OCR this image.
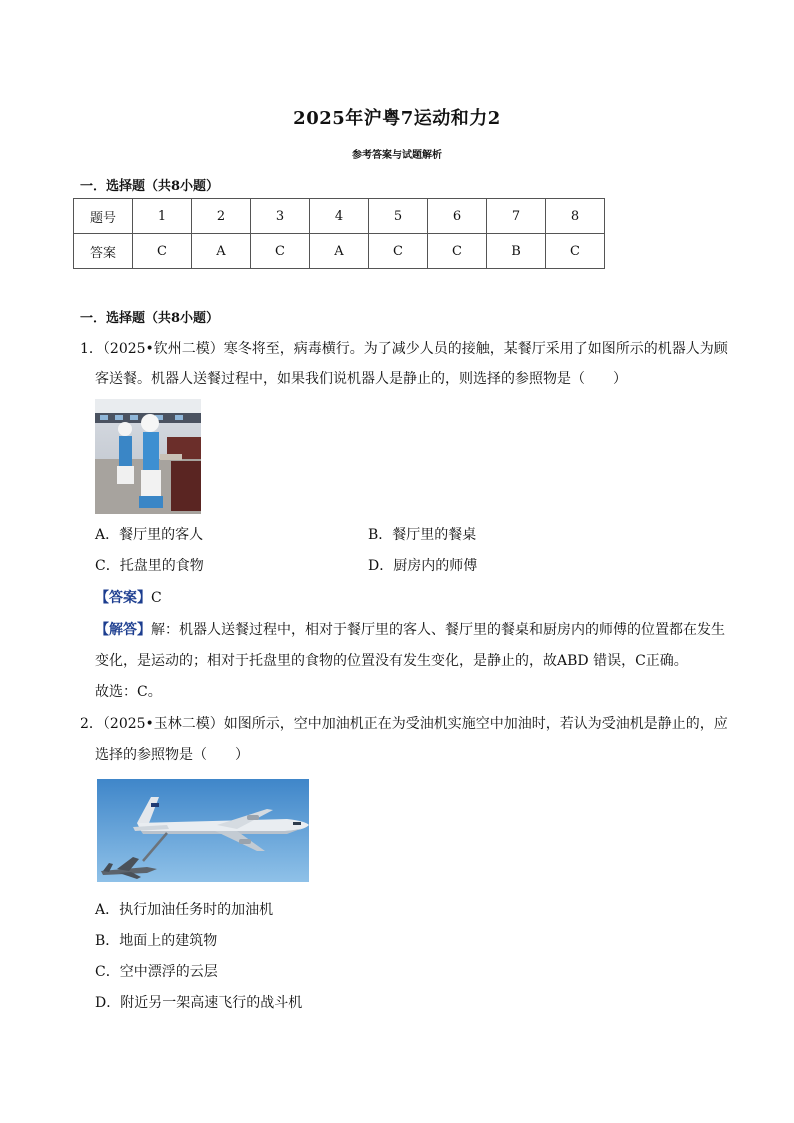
2025年沪粤7运动和力2
参考答案与试题解析
一．选择题（共8小题）
题号	1	2	3	4	5	6	7	8
答案	C	A	C	A	C	C	B	C
一．选择题（共8小题）
1．（2025•钦州二模）寒冬将至，病毒横行。为了减少人员的接触，某餐厅采用了如图所示的机器人为顾
客送餐。机器人送餐过程中，如果我们说机器人是静止的，则选择的参照物是（　　）
A．餐厅里的客人	B．餐厅里的餐桌
C．托盘里的食物	D．厨房内的师傅
【答案】C
【解答】解：机器人送餐过程中，相对于餐厅里的客人、餐厅里的餐桌和厨房内的师傅的位置都在发生
变化，是运动的；相对于托盘里的食物的位置没有发生变化，是静止的，故ABD 错误，C正确。
故选：C。
2．（2025•玉林二模）如图所示，空中加油机正在为受油机实施空中加油时，若认为受油机是静止的，应
选择的参照物是（　　）
A．执行加油任务时的加油机
B．地面上的建筑物
C．空中漂浮的云层
D．附近另一架高速飞行的战斗机
